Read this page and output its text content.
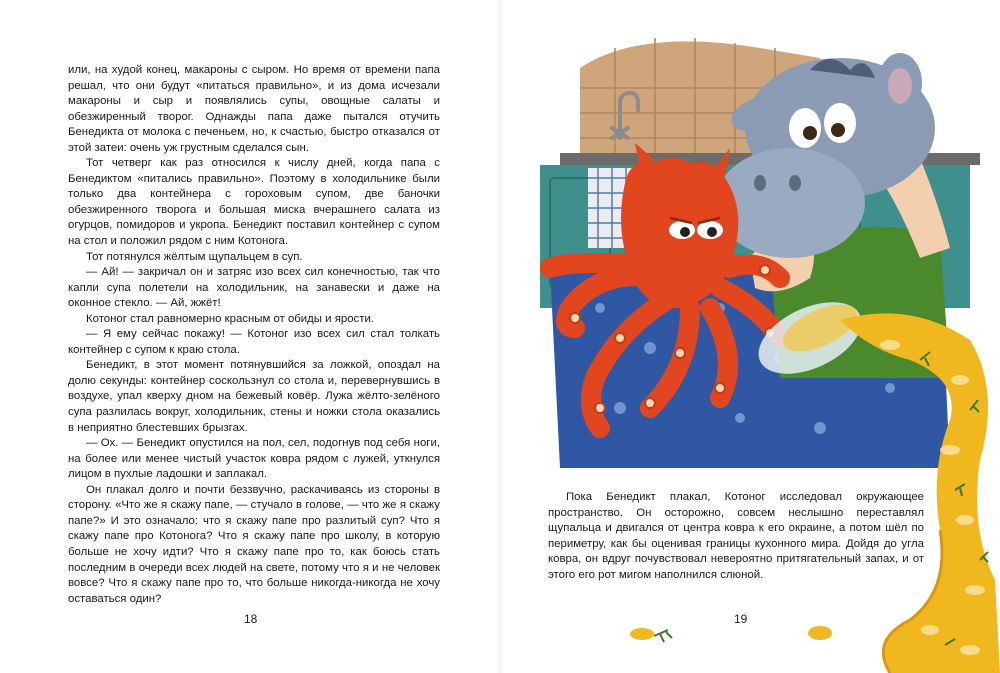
или, на худой конец, макароны с сыром. Но время от времени папа решал, что они будут «питаться правильно», и из дома исчезали макароны и сыр и появлялись супы, овощные салаты и обезжиренный творог. Однажды папа даже пытался отучить Бенедикта от молока с печеньем, но, к счастью, быстро отказался от этой затеи: очень уж грустным сделался сын.

Тот четверг как раз относился к числу дней, когда папа с Бенедиктом «питались правильно». Поэтому в холодильнике были только два контейнера с гороховым супом, две баночки обезжиренного творога и большая миска вчерашнего салата из огурцов, помидоров и укропа. Бенедикт поставил контейнер с супом на стол и положил рядом с ним Котонога.

Тот потянулся жёлтым щупальцем в суп.

— Ай! — закричал он и затряс изо всех сил конечностью, так что капли супа полетели на холодильник, на занавески и даже на оконное стекло. — Ай, жжёт!

Котоног стал равномерно красным от обиды и ярости.

— Я ему сейчас покажу! — Котоног изо всех сил стал толкать контейнер с супом к краю стола.

Бенедикт, в этот момент потянувшийся за ложкой, опоздал на долю секунды: контейнер соскользнул со стола и, перевернувшись в воздухе, упал кверху дном на бежевый ковёр. Лужа жёлто-зелёного супа разлилась вокруг, холодильник, стены и ножки стола оказались в неприятно блестевших брызгах.

— Ох. — Бенедикт опустился на пол, сел, подогнув под себя ноги, на более или менее чистый участок ковра рядом с лужей, уткнулся лицом в пухлые ладошки и заплакал.

Он плакал долго и почти беззвучно, раскачиваясь из стороны в сторону. «Что же я скажу папе, — стучало в голове, — что же я скажу папе?» И это означало: что я скажу папе про разлитый суп? Что я скажу папе про Котонога? Что я скажу папе про школу, в которую больше не хочу идти? Что я скажу папе про то, как боюсь стать последним в очереди всех людей на свете, потому что я и не человек вовсе? Что я скажу папе про то, что больше никогда-никогда не хочу оставаться один?

18

Пока Бенедикт плакал, Котоног исследовал окружающее пространство. Он осторожно, совсем неслышно переставлял щупальца и двигался от центра ковра к его окраине, а потом шёл по периметру, как бы оценивая границы кухонного мира. Дойдя до угла ковра, он вдруг почувствовал невероятно притягательный запах, и от этого его рот мигом наполнился слюной.

19
